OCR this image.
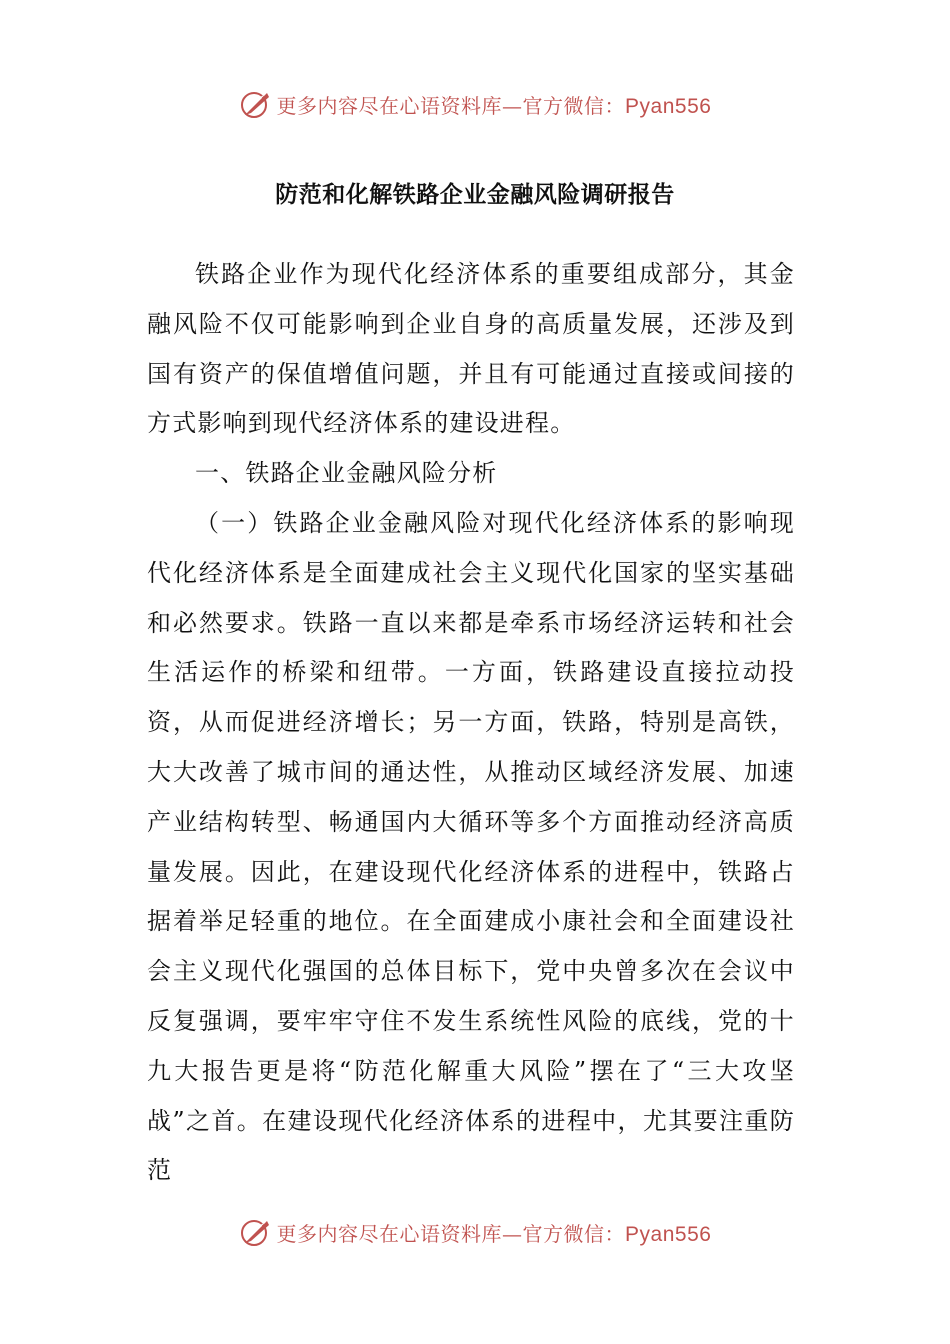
更多内容尽在心语资料库—官方微信：Pyan556
防范和化解铁路企业金融风险调研报告

铁路企业作为现代化经济体系的重要组成部分，其金融风险不仅可能影响到企业自身的高质量发展，还涉及到国有资产的保值增值问题，并且有可能通过直接或间接的方式影响到现代经济体系的建设进程。

一、铁路企业金融风险分析

（一）铁路企业金融风险对现代化经济体系的影响现代化经济体系是全面建成社会主义现代化国家的坚实基础和必然要求。铁路一直以来都是牵系市场经济运转和社会生活运作的桥梁和纽带。一方面，铁路建设直接拉动投资，从而促进经济增长；另一方面，铁路，特别是高铁，大大改善了城市间的通达性，从推动区域经济发展、加速产业结构转型、畅通国内大循环等多个方面推动经济高质量发展。因此，在建设现代化经济体系的进程中，铁路占据着举足轻重的地位。在全面建成小康社会和全面建设社会主义现代化强国的总体目标下，党中央曾多次在会议中反复强调，要牢牢守住不发生系统性风险的底线，党的十九大报告更是将“防范化解重大风险”摆在了“三大攻坚战”之首。在建设现代化经济体系的进程中，尤其要注重防范

更多内容尽在心语资料库—官方微信：Pyan556
